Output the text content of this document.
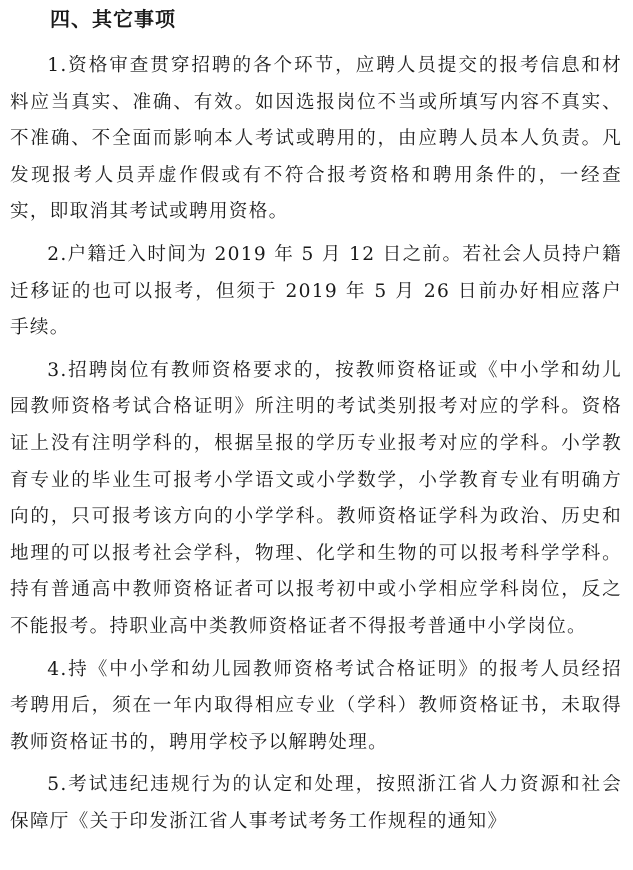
四、其它事项

1.资格审查贯穿招聘的各个环节，应聘人员提交的报考信息和材料应当真实、准确、有效。如因选报岗位不当或所填写内容不真实、不准确、不全面而影响本人考试或聘用的，由应聘人员本人负责。凡发现报考人员弄虚作假或有不符合报考资格和聘用条件的，一经查实，即取消其考试或聘用资格。

2.户籍迁入时间为 2019 年 5 月 12 日之前。若社会人员持户籍迁移证的也可以报考，但须于 2019 年 5 月 26 日前办好相应落户手续。

3.招聘岗位有教师资格要求的，按教师资格证或《中小学和幼儿园教师资格考试合格证明》所注明的考试类别报考对应的学科。资格证上没有注明学科的，根据呈报的学历专业报考对应的学科。小学教育专业的毕业生可报考小学语文或小学数学，小学教育专业有明确方向的，只可报考该方向的小学学科。教师资格证学科为政治、历史和地理的可以报考社会学科，物理、化学和生物的可以报考科学学科。持有普通高中教师资格证者可以报考初中或小学相应学科岗位，反之不能报考。持职业高中类教师资格证者不得报考普通中小学岗位。

4.持《中小学和幼儿园教师资格考试合格证明》的报考人员经招考聘用后，须在一年内取得相应专业（学科）教师资格证书，未取得教师资格证书的，聘用学校予以解聘处理。

5.考试违纪违规行为的认定和处理，按照浙江省人力资源和社会保障厅《关于印发浙江省人事考试考务工作规程的通知》
